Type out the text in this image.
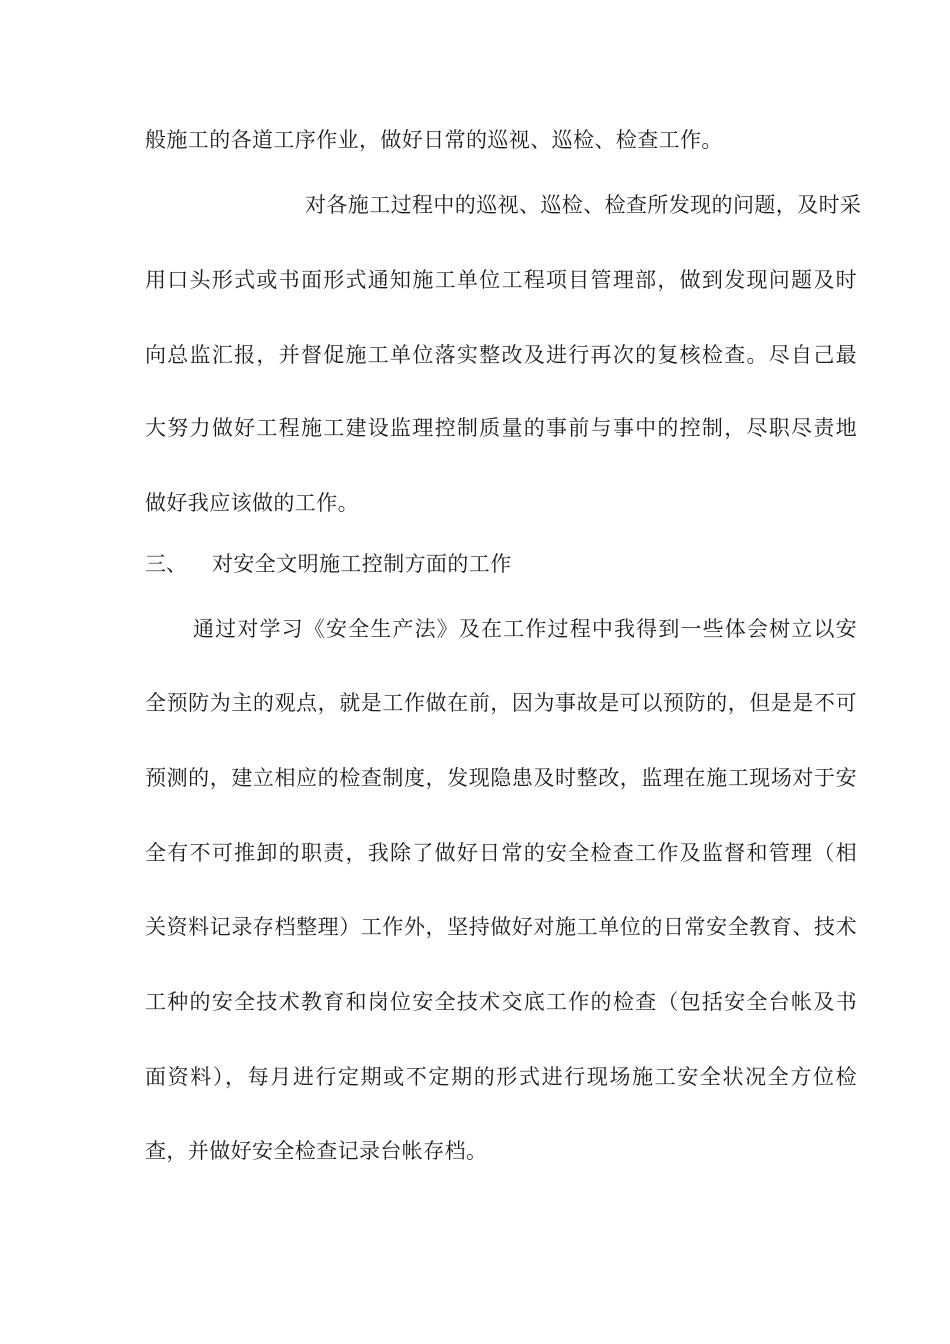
般施工的各道工序作业，做好日常的巡视、巡检、检查工作。
对各施工过程中的巡视、巡检、检查所发现的问题，及时采
用口头形式或书面形式通知施工单位工程项目管理部，做到发现问题及时
向总监汇报，并督促施工单位落实整改及进行再次的复核检查。尽自己最
大努力做好工程施工建设监理控制质量的事前与事中的控制，尽职尽责地
做好我应该做的工作。
三、 对安全文明施工控制方面的工作
通过对学习《安全生产法》及在工作过程中我得到一些体会树立以安
全预防为主的观点，就是工作做在前，因为事故是可以预防的，但是是不可
预测的，建立相应的检查制度，发现隐患及时整改，监理在施工现场对于安
全有不可推卸的职责，我除了做好日常的安全检查工作及监督和管理（相
关资料记录存档整理）工作外，坚持做好对施工单位的日常安全教育、技术
工种的安全技术教育和岗位安全技术交底工作的检查（包括安全台帐及书
面资料），每月进行定期或不定期的形式进行现场施工安全状况全方位检
查，并做好安全检查记录台帐存档。
